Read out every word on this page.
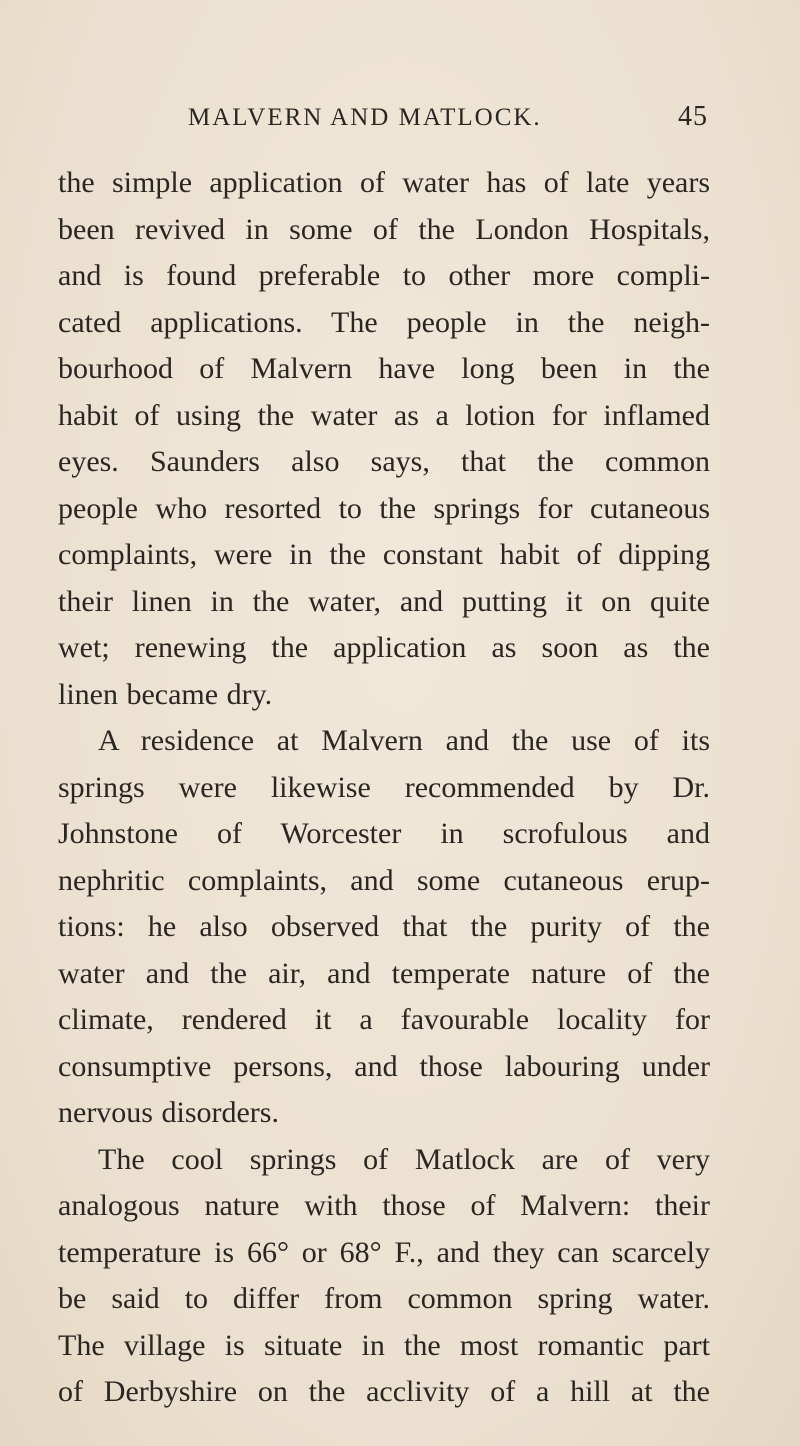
MALVERN AND MATLOCK.	45
the simple application of water has of late years
been revived in some of the London Hospitals,
and is found preferable to other more compli-
cated applications. The people in the neigh-
bourhood of Malvern have long been in the
habit of using the water as a lotion for inflamed
eyes. Saunders also says, that the common
people who resorted to the springs for cutaneous
complaints, were in the constant habit of dipping
their linen in the water, and putting it on quite
wet; renewing the application as soon as the
linen became dry.
A residence at Malvern and the use of its
springs were likewise recommended by Dr.
Johnstone of Worcester in scrofulous and
nephritic complaints, and some cutaneous erup-
tions: he also observed that the purity of the
water and the air, and temperate nature of the
climate, rendered it a favourable locality for
consumptive persons, and those labouring under
nervous disorders.
The cool springs of Matlock are of very
analogous nature with those of Malvern: their
temperature is 66° or 68° F., and they can scarcely
be said to differ from common spring water.
The village is situate in the most romantic part
of Derbyshire on the acclivity of a hill at the
